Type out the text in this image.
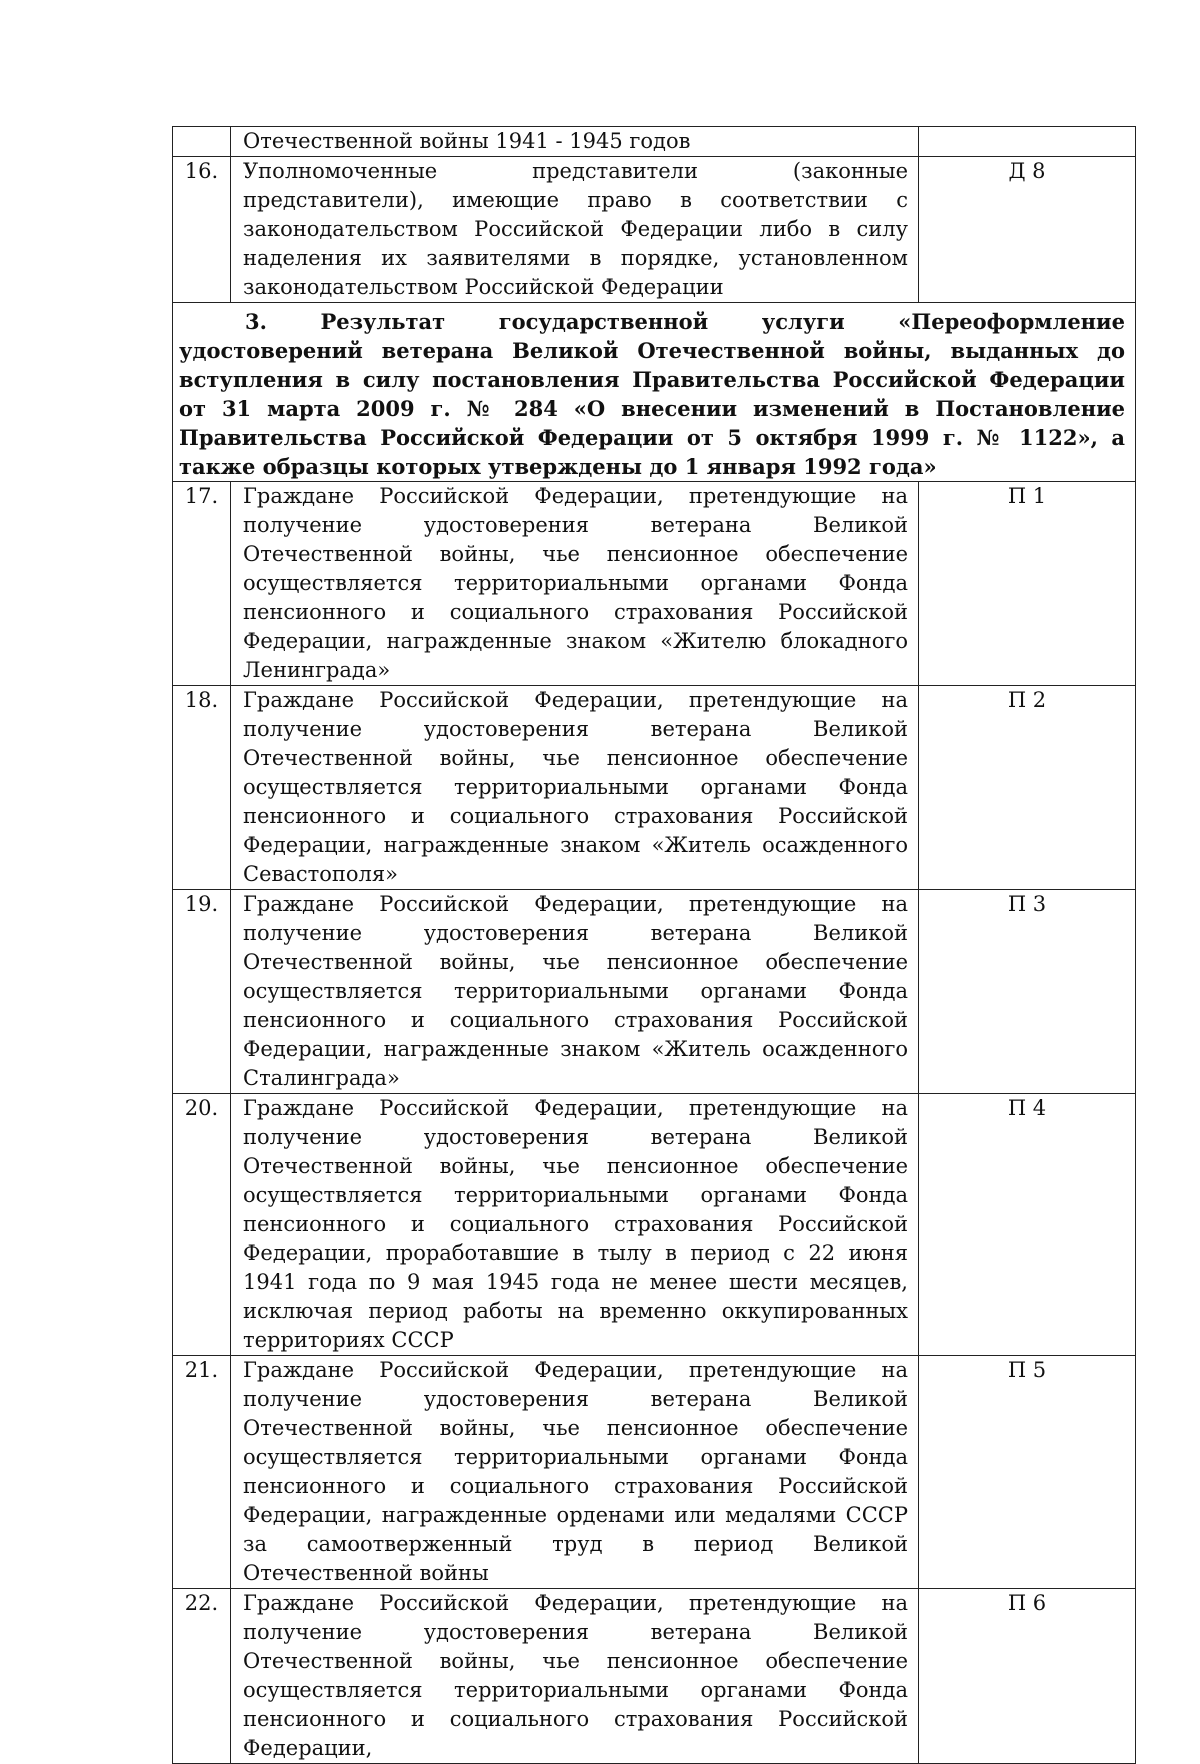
	Отечественной войны 1941 - 1945 годов	
16.	Уполномоченные представители (законные представители), имеющие право в соответствии с законодательством Российской Федерации либо в силу наделения их заявителями в порядке, установленном законодательством Российской Федерации	Д 8
3. Результат государственной услуги «Переоформление удостоверений ветерана Великой Отечественной войны, выданных до вступления в силу постановления Правительства Российской Федерации от 31 марта 2009 г. № 284 «О внесении изменений в Постановление Правительства Российской Федерации от 5 октября 1999 г. № 1122», а также образцы которых утверждены до 1 января 1992 года»		
17.	Граждане Российской Федерации, претендующие на получение удостоверения ветерана Великой Отечественной войны, чье пенсионное обеспечение осуществляется территориальными органами Фонда пенсионного и социального страхования Российской Федерации, награжденные знаком «Жителю блокадного Ленинграда»	П 1
18.	Граждане Российской Федерации, претендующие на получение удостоверения ветерана Великой Отечественной войны, чье пенсионное обеспечение осуществляется территориальными органами Фонда пенсионного и социального страхования Российской Федерации, награжденные знаком «Житель осажденного Севастополя»	П 2
19.	Граждане Российской Федерации, претендующие на получение удостоверения ветерана Великой Отечественной войны, чье пенсионное обеспечение осуществляется территориальными органами Фонда пенсионного и социального страхования Российской Федерации, награжденные знаком «Житель осажденного Сталинграда»	П 3
20.	Граждане Российской Федерации, претендующие на получение удостоверения ветерана Великой Отечественной войны, чье пенсионное обеспечение осуществляется территориальными органами Фонда пенсионного и социального страхования Российской Федерации, проработавшие в тылу в период с 22 июня 1941 года по 9 мая 1945 года не менее шести месяцев, исключая период работы на временно оккупированных территориях СССР	П 4
21.	Граждане Российской Федерации, претендующие на получение удостоверения ветерана Великой Отечественной войны, чье пенсионное обеспечение осуществляется территориальными органами Фонда пенсионного и социального страхования Российской Федерации, награжденные орденами или медалями СССР за самоотверженный труд в период Великой Отечественной войны	П 5
22.	Граждане Российской Федерации, претендующие на получение удостоверения ветерана Великой Отечественной войны, чье пенсионное обеспечение осуществляется территориальными органами Фонда пенсионного и социального страхования Российской Федерации,	П 6
